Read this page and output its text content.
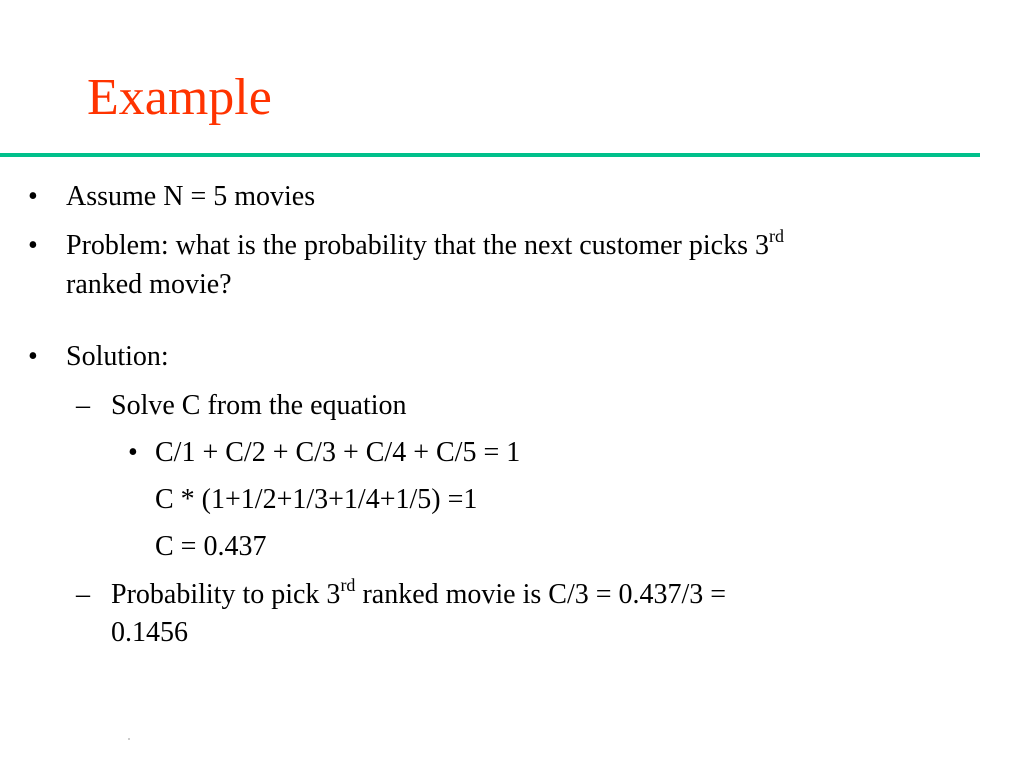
Example
• Assume N = 5 movies
• Problem: what is the probability that the next customer picks 3rd
ranked movie?
• Solution:
– Solve C from the equation
• C/1 + C/2 + C/3 + C/4 + C/5 = 1
C * (1+1/2+1/3+1/4+1/5) =1
C = 0.437
– Probability to pick 3rd ranked movie is C/3 = 0.437/3 =
0.1456
